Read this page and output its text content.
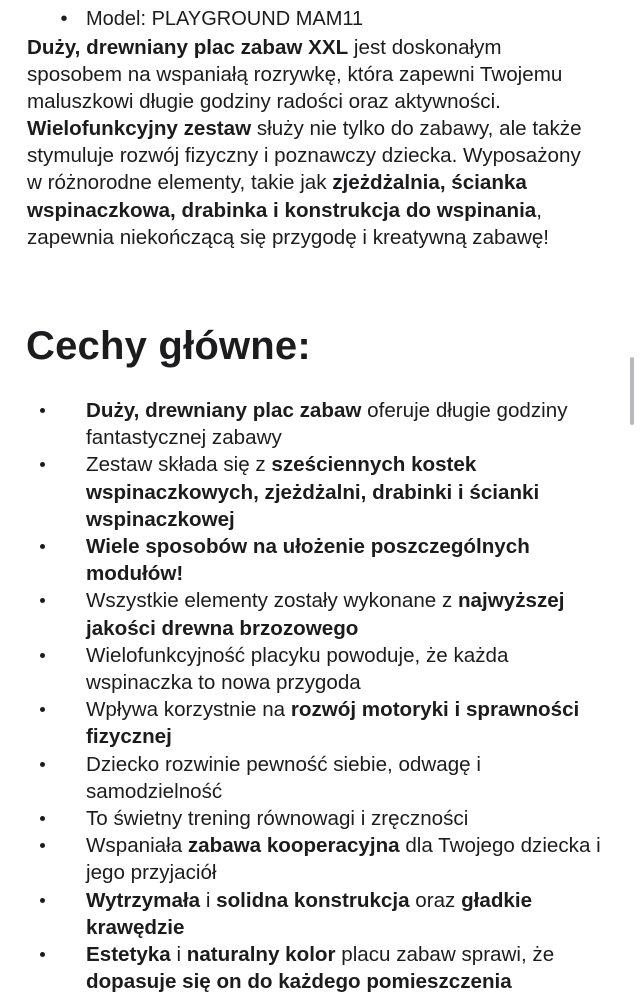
• Model: PLAYGROUND MAM11

Duży, drewniany plac zabaw XXL jest doskonałym sposobem na wspaniałą rozrywkę, która zapewni Twojemu maluszkowi długie godziny radości oraz aktywności. Wielofunkcyjny zestaw służy nie tylko do zabawy, ale także stymuluje rozwój fizyczny i poznawczy dziecka. Wyposażony w różnorodne elementy, takie jak zjeżdżalnia, ścianka wspinaczkowa, drabinka i konstrukcja do wspinania, zapewnia niekończącą się przygodę i kreatywną zabawę!

Cechy główne:
Duży, drewniany plac zabaw oferuje długie godziny fantastycznej zabawy
Zestaw składa się z sześciennych kostek wspinaczkowych, zjeżdżalni, drabinki i ścianki wspinaczkowej
Wiele sposobów na ułożenie poszczególnych modułów!
Wszystkie elementy zostały wykonane z najwyższej jakości drewna brzozowego
Wielofunkcyjność placyku powoduje, że każda wspinaczka to nowa przygoda
Wpływa korzystnie na rozwój motoryki i sprawności fizycznej
Dziecko rozwinie pewność siebie, odwagę i samodzielność
To świetny trening równowagi i zręczności
Wspaniała zabawa kooperacyjna dla Twojego dziecka i jego przyjaciół
Wytrzymała i solidna konstrukcja oraz gładkie krawędzie
Estetyka i naturalny kolor placu zabaw sprawi, że dopasuje się on do każdego pomieszczenia
